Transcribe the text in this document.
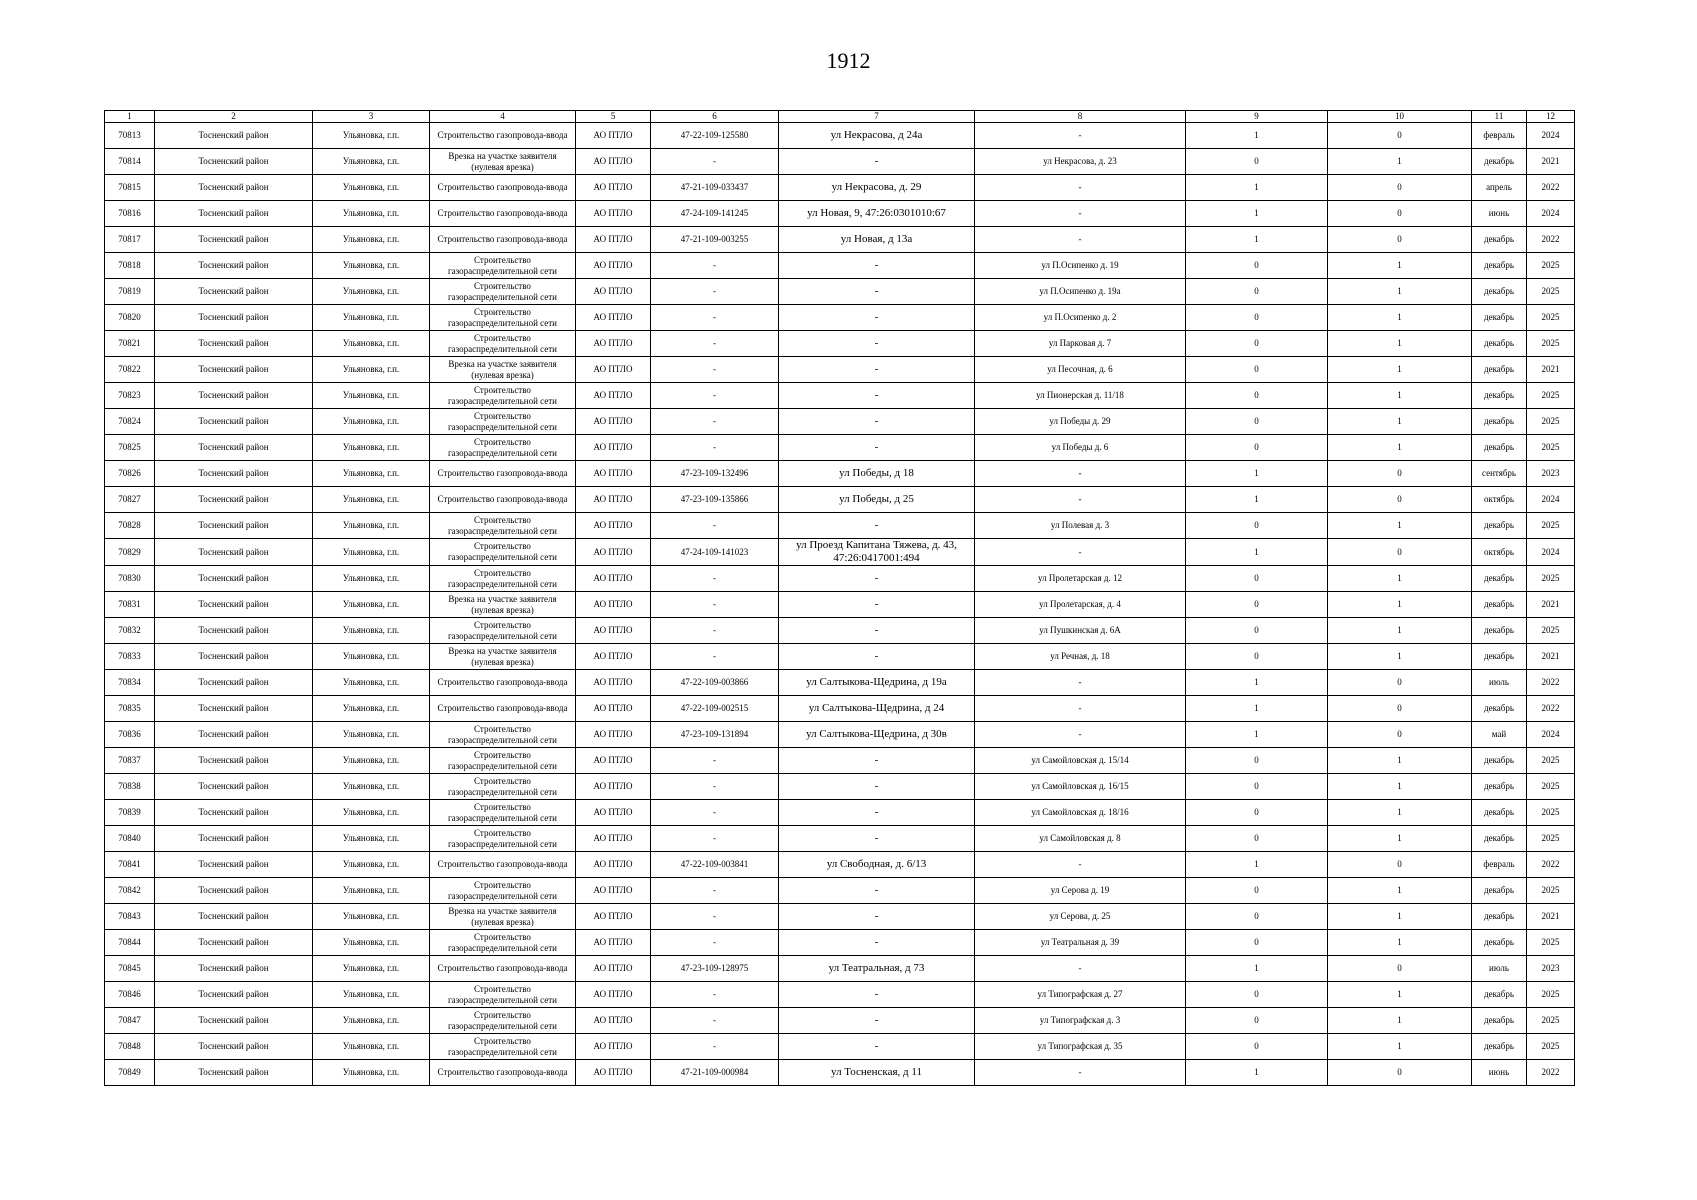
1912
1	2	3	4	5	6	7	8	9	10	11	12
70813	Тосненский район	Ульяновка, г.п.	Строительство газопровода-ввода	АО ПТЛО	47-22-109-125580	ул Некрасова, д 24а	-	1	0	февраль	2024
70814	Тосненский район	Ульяновка, г.п.	Врезка на участке заявителя (нулевая врезка)	АО ПТЛО	-	-	ул Некрасова, д. 23	0	1	декабрь	2021
70815	Тосненский район	Ульяновка, г.п.	Строительство газопровода-ввода	АО ПТЛО	47-21-109-033437	ул Некрасова, д. 29	-	1	0	апрель	2022
70816	Тосненский район	Ульяновка, г.п.	Строительство газопровода-ввода	АО ПТЛО	47-24-109-141245	ул Новая, 9, 47:26:0301010:67	-	1	0	июнь	2024
70817	Тосненский район	Ульяновка, г.п.	Строительство газопровода-ввода	АО ПТЛО	47-21-109-003255	ул Новая, д 13а	-	1	0	декабрь	2022
70818	Тосненский район	Ульяновка, г.п.	Строительство газораспределительной сети	АО ПТЛО	-	-	ул П.Осипенко д. 19	0	1	декабрь	2025
70819	Тосненский район	Ульяновка, г.п.	Строительство газораспределительной сети	АО ПТЛО	-	-	ул П.Осипенко д. 19а	0	1	декабрь	2025
70820	Тосненский район	Ульяновка, г.п.	Строительство газораспределительной сети	АО ПТЛО	-	-	ул П.Осипенко д. 2	0	1	декабрь	2025
70821	Тосненский район	Ульяновка, г.п.	Строительство газораспределительной сети	АО ПТЛО	-	-	ул Парковая д. 7	0	1	декабрь	2025
70822	Тосненский район	Ульяновка, г.п.	Врезка на участке заявителя (нулевая врезка)	АО ПТЛО	-	-	ул Песочная, д. 6	0	1	декабрь	2021
70823	Тосненский район	Ульяновка, г.п.	Строительство газораспределительной сети	АО ПТЛО	-	-	ул Пионерская д. 11/18	0	1	декабрь	2025
70824	Тосненский район	Ульяновка, г.п.	Строительство газораспределительной сети	АО ПТЛО	-	-	ул Победы д. 29	0	1	декабрь	2025
70825	Тосненский район	Ульяновка, г.п.	Строительство газораспределительной сети	АО ПТЛО	-	-	ул Победы д. 6	0	1	декабрь	2025
70826	Тосненский район	Ульяновка, г.п.	Строительство газопровода-ввода	АО ПТЛО	47-23-109-132496	ул Победы, д 18	-	1	0	сентябрь	2023
70827	Тосненский район	Ульяновка, г.п.	Строительство газопровода-ввода	АО ПТЛО	47-23-109-135866	ул Победы, д 25	-	1	0	октябрь	2024
70828	Тосненский район	Ульяновка, г.п.	Строительство газораспределительной сети	АО ПТЛО	-	-	ул Полевая д. 3	0	1	декабрь	2025
70829	Тосненский район	Ульяновка, г.п.	Строительство газораспределительной сети	АО ПТЛО	47-24-109-141023	ул Проезд Капитана Тяжева, д. 43, 47:26:0417001:494	-	1	0	октябрь	2024
70830	Тосненский район	Ульяновка, г.п.	Строительство газораспределительной сети	АО ПТЛО	-	-	ул Пролетарская д. 12	0	1	декабрь	2025
70831	Тосненский район	Ульяновка, г.п.	Врезка на участке заявителя (нулевая врезка)	АО ПТЛО	-	-	ул Пролетарская, д. 4	0	1	декабрь	2021
70832	Тосненский район	Ульяновка, г.п.	Строительство газораспределительной сети	АО ПТЛО	-	-	ул Пушкинская д. 6А	0	1	декабрь	2025
70833	Тосненский район	Ульяновка, г.п.	Врезка на участке заявителя (нулевая врезка)	АО ПТЛО	-	-	ул Речная, д. 18	0	1	декабрь	2021
70834	Тосненский район	Ульяновка, г.п.	Строительство газопровода-ввода	АО ПТЛО	47-22-109-003866	ул Салтыкова-Щедрина, д 19а	-	1	0	июль	2022
70835	Тосненский район	Ульяновка, г.п.	Строительство газопровода-ввода	АО ПТЛО	47-22-109-002515	ул Салтыкова-Щедрина, д 24	-	1	0	декабрь	2022
70836	Тосненский район	Ульяновка, г.п.	Строительство газораспределительной сети	АО ПТЛО	47-23-109-131894	ул Салтыкова-Щедрина, д 30в	-	1	0	май	2024
70837	Тосненский район	Ульяновка, г.п.	Строительство газораспределительной сети	АО ПТЛО	-	-	ул Самойловская д. 15/14	0	1	декабрь	2025
70838	Тосненский район	Ульяновка, г.п.	Строительство газораспределительной сети	АО ПТЛО	-	-	ул Самойловская д. 16/15	0	1	декабрь	2025
70839	Тосненский район	Ульяновка, г.п.	Строительство газораспределительной сети	АО ПТЛО	-	-	ул Самойловская д. 18/16	0	1	декабрь	2025
70840	Тосненский район	Ульяновка, г.п.	Строительство газораспределительной сети	АО ПТЛО	-	-	ул Самойловская д. 8	0	1	декабрь	2025
70841	Тосненский район	Ульяновка, г.п.	Строительство газопровода-ввода	АО ПТЛО	47-22-109-003841	ул Свободная, д. 6/13	-	1	0	февраль	2022
70842	Тосненский район	Ульяновка, г.п.	Строительство газораспределительной сети	АО ПТЛО	-	-	ул Серова д. 19	0	1	декабрь	2025
70843	Тосненский район	Ульяновка, г.п.	Врезка на участке заявителя (нулевая врезка)	АО ПТЛО	-	-	ул Серова, д. 25	0	1	декабрь	2021
70844	Тосненский район	Ульяновка, г.п.	Строительство газораспределительной сети	АО ПТЛО	-	-	ул Театральная д. 39	0	1	декабрь	2025
70845	Тосненский район	Ульяновка, г.п.	Строительство газопровода-ввода	АО ПТЛО	47-23-109-128975	ул Театральная, д 73	-	1	0	июль	2023
70846	Тосненский район	Ульяновка, г.п.	Строительство газораспределительной сети	АО ПТЛО	-	-	ул Типографская д. 27	0	1	декабрь	2025
70847	Тосненский район	Ульяновка, г.п.	Строительство газораспределительной сети	АО ПТЛО	-	-	ул Типографская д. 3	0	1	декабрь	2025
70848	Тосненский район	Ульяновка, г.п.	Строительство газораспределительной сети	АО ПТЛО	-	-	ул Типографская д. 35	0	1	декабрь	2025
70849	Тосненский район	Ульяновка, г.п.	Строительство газопровода-ввода	АО ПТЛО	47-21-109-000984	ул Тосненская, д 11	-	1	0	июнь	2022
